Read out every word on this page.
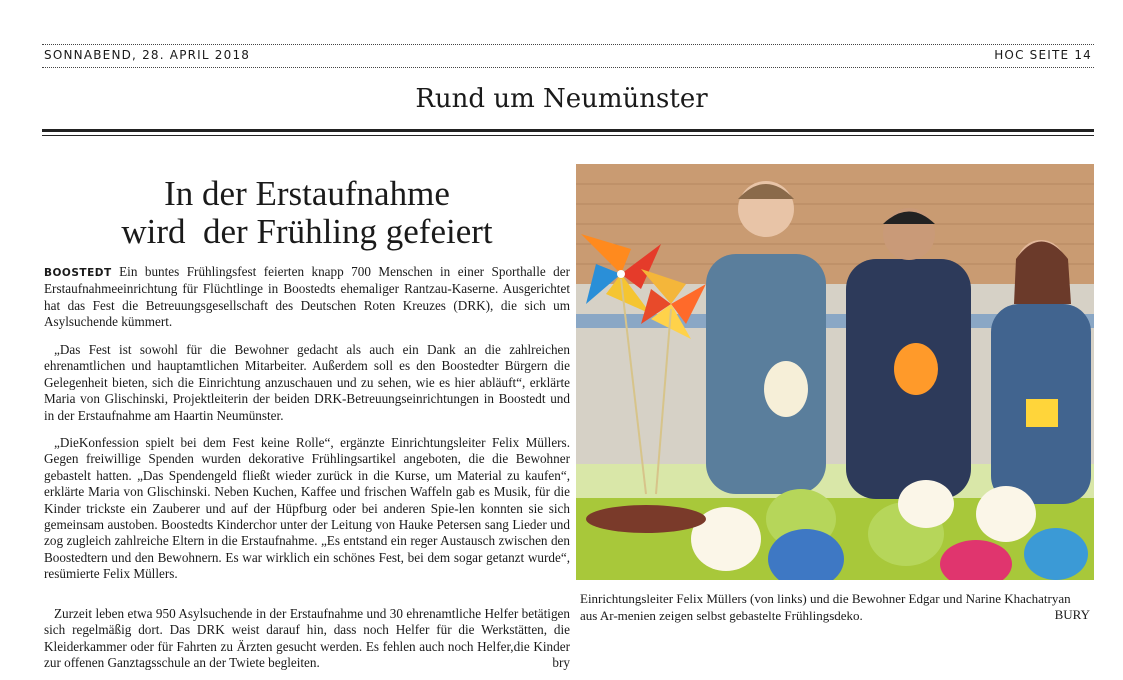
SONNABEND, 28. APRIL 2018	HOC SEITE 14
Rund um Neumünster
In der Erstaufnahme
wird  der Frühling gefeiert
BOOSTEDT Ein buntes Frühlingsfest feierten knapp 700 Menschen in einer Sporthalle der Erstaufnahmeeinrichtung für Flüchtlinge in Boostedts ehemaliger Rantzau-Kaserne. Ausgerichtet hat das Fest die Betreuungsgesellschaft des Deutschen Roten Kreuzes (DRK), die sich um Asylsuchende kümmert.
„Das Fest ist sowohl für die Bewohner gedacht als auch ein Dank an die zahlreichen ehrenamtlichen und hauptamtlichen Mitarbeiter. Außerdem soll es den Boostedter Bürgern die Gelegenheit bieten, sich die Einrichtung anzuschauen und zu sehen, wie es hier abläuft“, erklärte Maria von Glischinski, Projektleiterin der beiden DRK-Betreuungseinrichtungen in Boostedt und in der Erstaufnahme am Haartin Neumünster.
„DieKonfession spielt bei dem Fest keine Rolle“, ergänzte Einrichtungsleiter Felix Müllers. Gegen freiwillige Spenden wurden dekorative Frühlingsartikel angeboten, die die Bewohner gebastelt hatten. „Das Spendengeld fließt wieder zurück in die Kurse, um Material zu kaufen“, erklärte Maria von Glischinski. Neben Kuchen, Kaffee und frischen Waffeln gab es Musik, für die Kinder trickste ein Zauberer und auf der Hüpfburg oder bei anderen Spie-len konnten sie sich gemeinsam austoben. Boostedts Kinderchor unter der Leitung von Hauke Petersen sang Lieder und zog zugleich zahlreiche Eltern in die Erstaufnahme. „Es entstand ein reger Austausch zwischen den Boostedtern und den Bewohnern. Es war wirklich ein schönes Fest, bei dem sogar getanzt wurde“, resümierte Felix Müllers.
Zurzeit leben etwa 950 Asylsuchende in der Erstaufnahme und 30 ehrenamtliche Helfer betätigen sich regelmäßig dort. Das DRK weist darauf hin, dass noch Helfer für die Werkstätten, die Kleiderkammer oder für Fahrten zu Ärzten gesucht werden. Es fehlen auch noch Helfer,die Kinder zur offenen Ganztagsschule an der Twiete begleiten.	bry
Einrichtungsleiter Felix Müllers (von links) und die Bewohner Edgar und Narine Khachatryan aus Ar-menien zeigen selbst gebastelte Frühlingsdeko.	BURY
